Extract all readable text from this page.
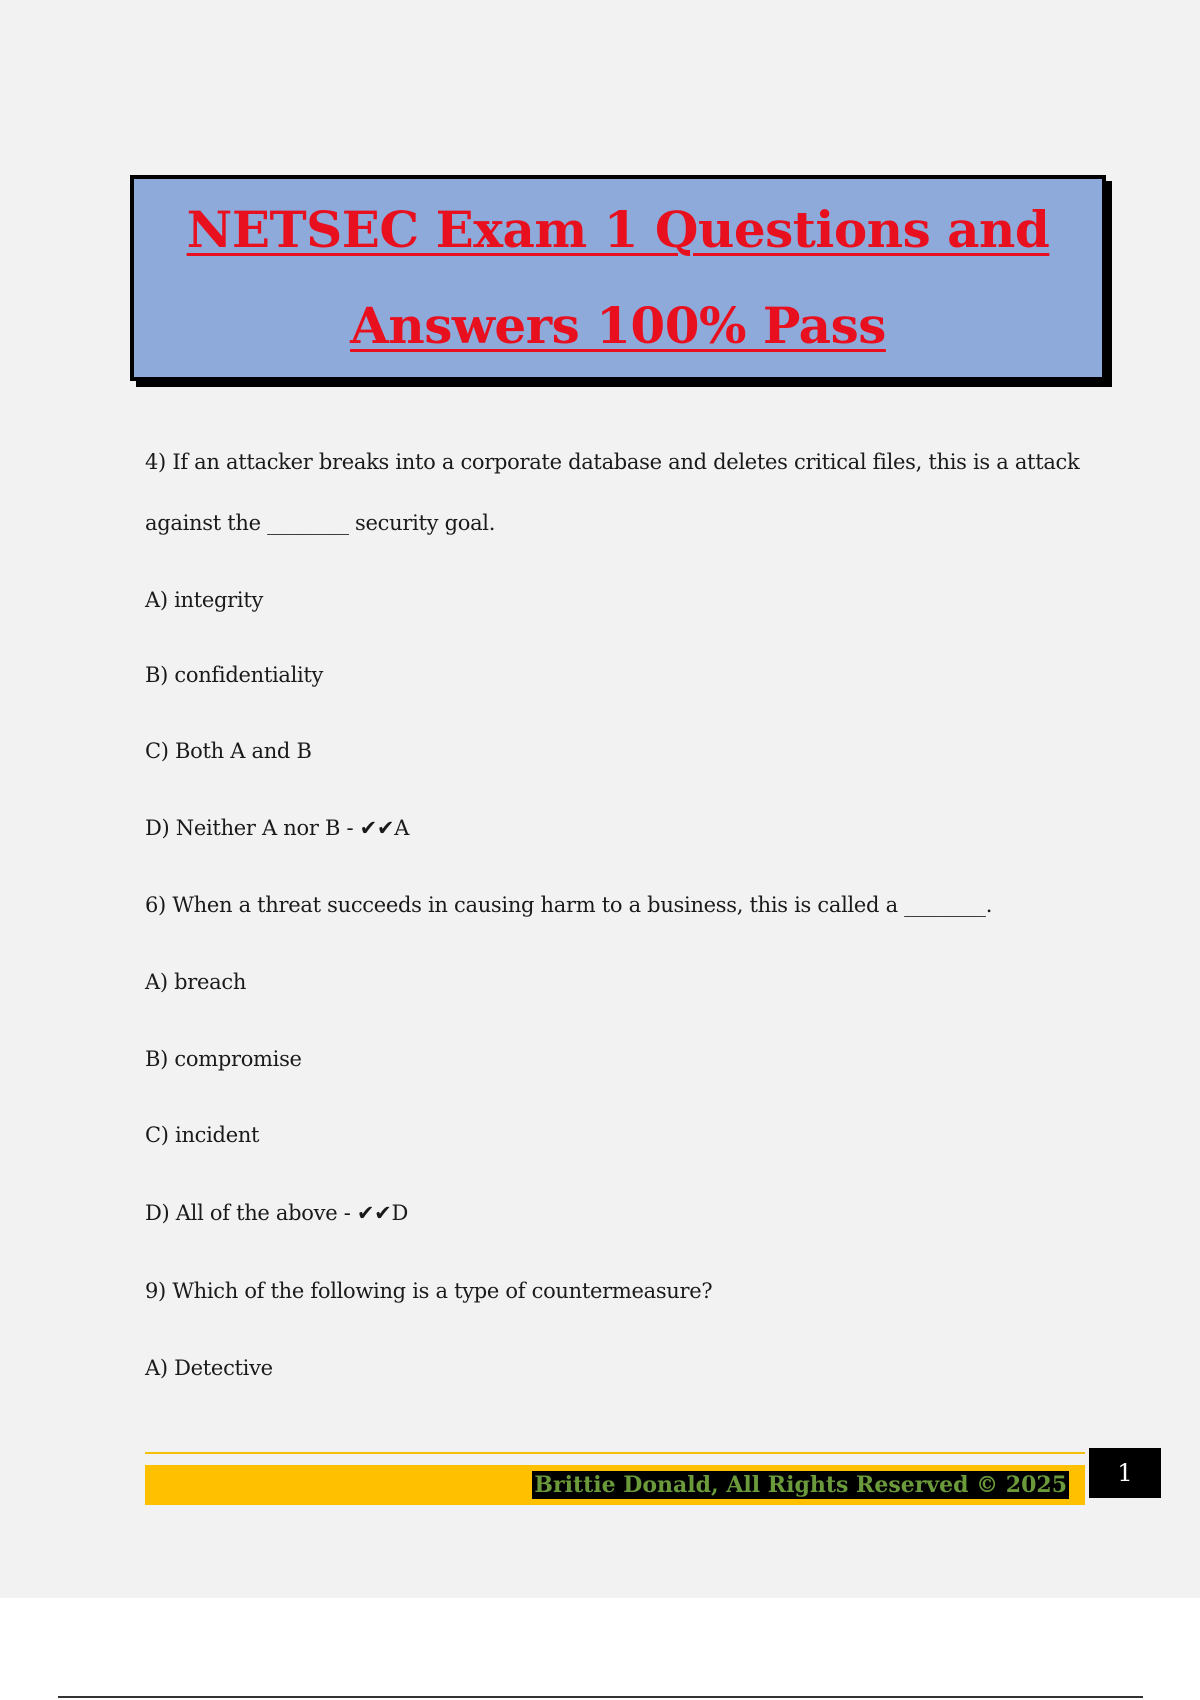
NETSEC Exam 1 Questions and
Answers 100% Pass
4) If an attacker breaks into a corporate database and deletes critical files, this is a attack
against the ________ security goal.
A) integrity
B) confidentiality
C) Both A and B
D) Neither A nor B - ✔✔A
6) When a threat succeeds in causing harm to a business, this is called a ________.
A) breach
B) compromise
C) incident
D) All of the above - ✔✔D
9) Which of the following is a type of countermeasure?
A) Detective
Brittie Donald, All Rights Reserved © 2025	1
